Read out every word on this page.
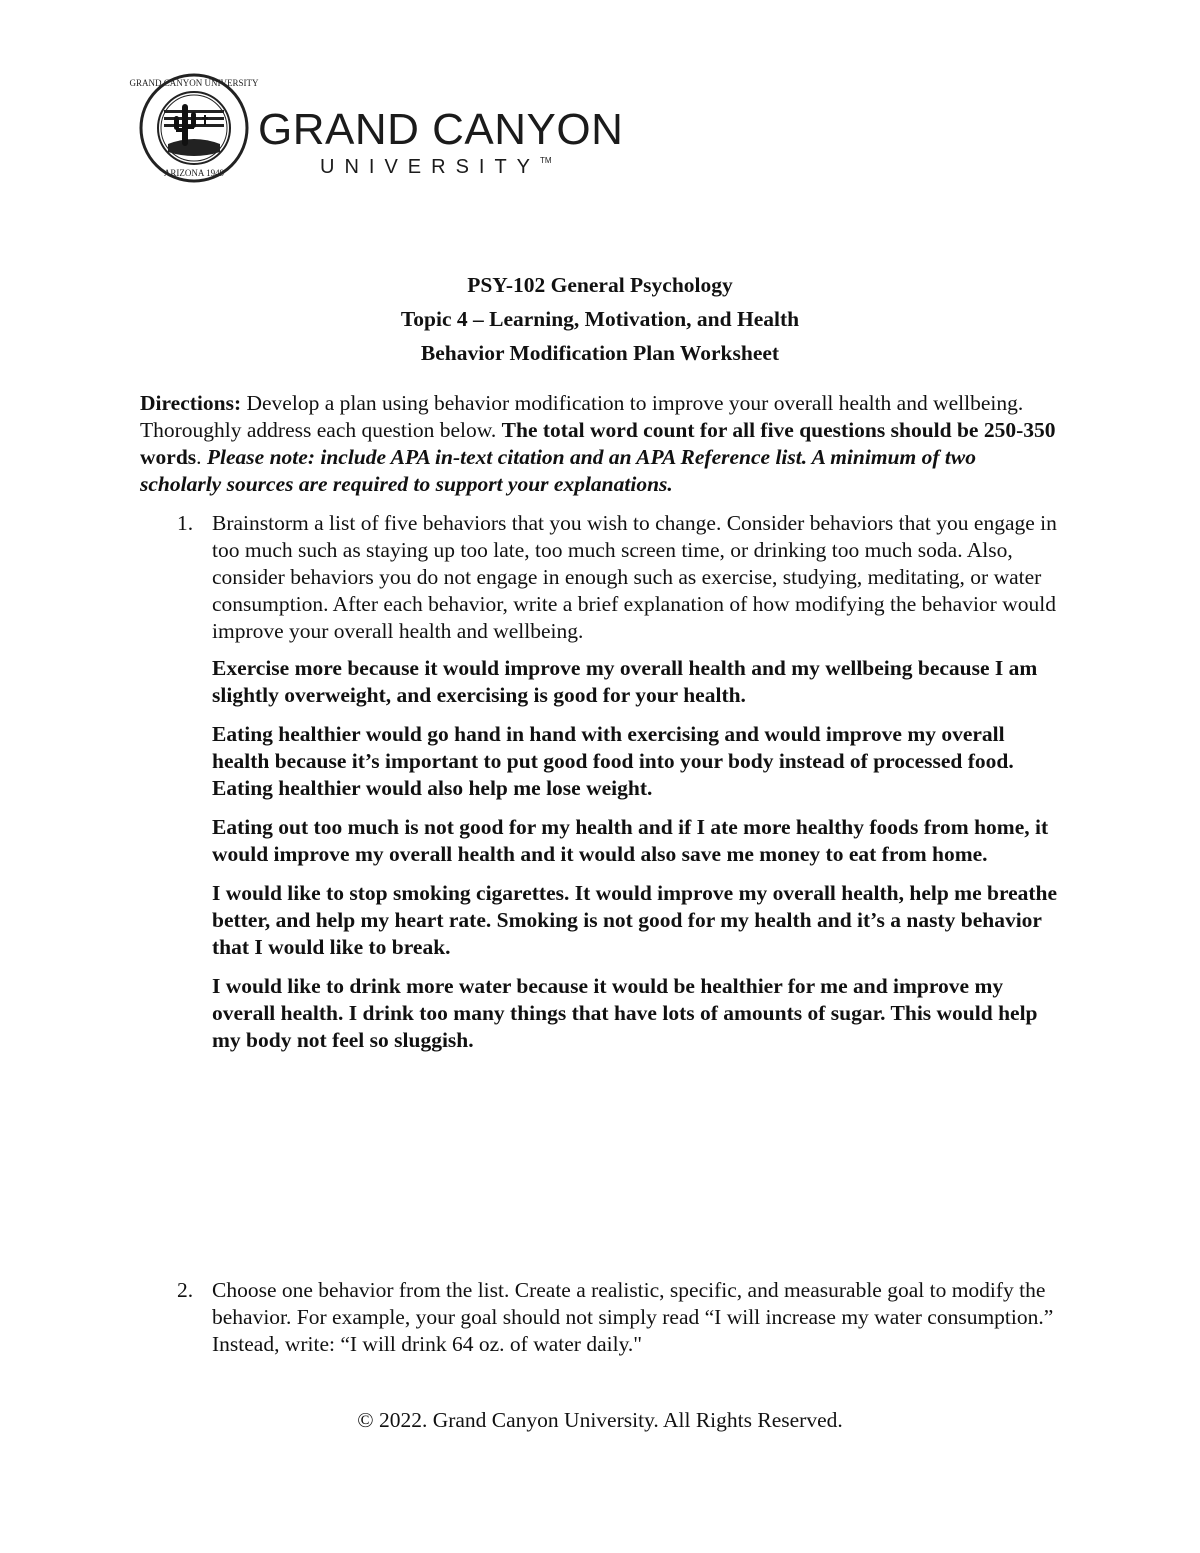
GRAND CANYON UNIVERSITY
ARIZONA 1949
GRAND CANYON
UNIVERSITY™
PSY-102 General Psychology
Topic 4 – Learning, Motivation, and Health
Behavior Modification Plan Worksheet

Directions: Develop a plan using behavior modification to improve your overall health and wellbeing. Thoroughly address each question below. The total word count for all five questions should be 250-350 words. Please note: include APA in-text citation and an APA Reference list. A minimum of two scholarly sources are required to support your explanations.

1. Brainstorm a list of five behaviors that you wish to change. Consider behaviors that you engage in too much such as staying up too late, too much screen time, or drinking too much soda. Also, consider behaviors you do not engage in enough such as exercise, studying, meditating, or water consumption. After each behavior, write a brief explanation of how modifying the behavior would improve your overall health and wellbeing.

Exercise more because it would improve my overall health and my wellbeing because I am slightly overweight, and exercising is good for your health.

Eating healthier would go hand in hand with exercising and would improve my overall health because it’s important to put good food into your body instead of processed food. Eating healthier would also help me lose weight.

Eating out too much is not good for my health and if I ate more healthy foods from home, it would improve my overall health and it would also save me money to eat from home.

I would like to stop smoking cigarettes. It would improve my overall health, help me breathe better, and help my heart rate. Smoking is not good for my health and it’s a nasty behavior that I would like to break.

I would like to drink more water because it would be healthier for me and improve my overall health. I drink too many things that have lots of amounts of sugar. This would help my body not feel so sluggish.

2. Choose one behavior from the list. Create a realistic, specific, and measurable goal to modify the behavior. For example, your goal should not simply read “I will increase my water consumption.” Instead, write: “I will drink 64 oz. of water daily."
© 2022. Grand Canyon University. All Rights Reserved.
